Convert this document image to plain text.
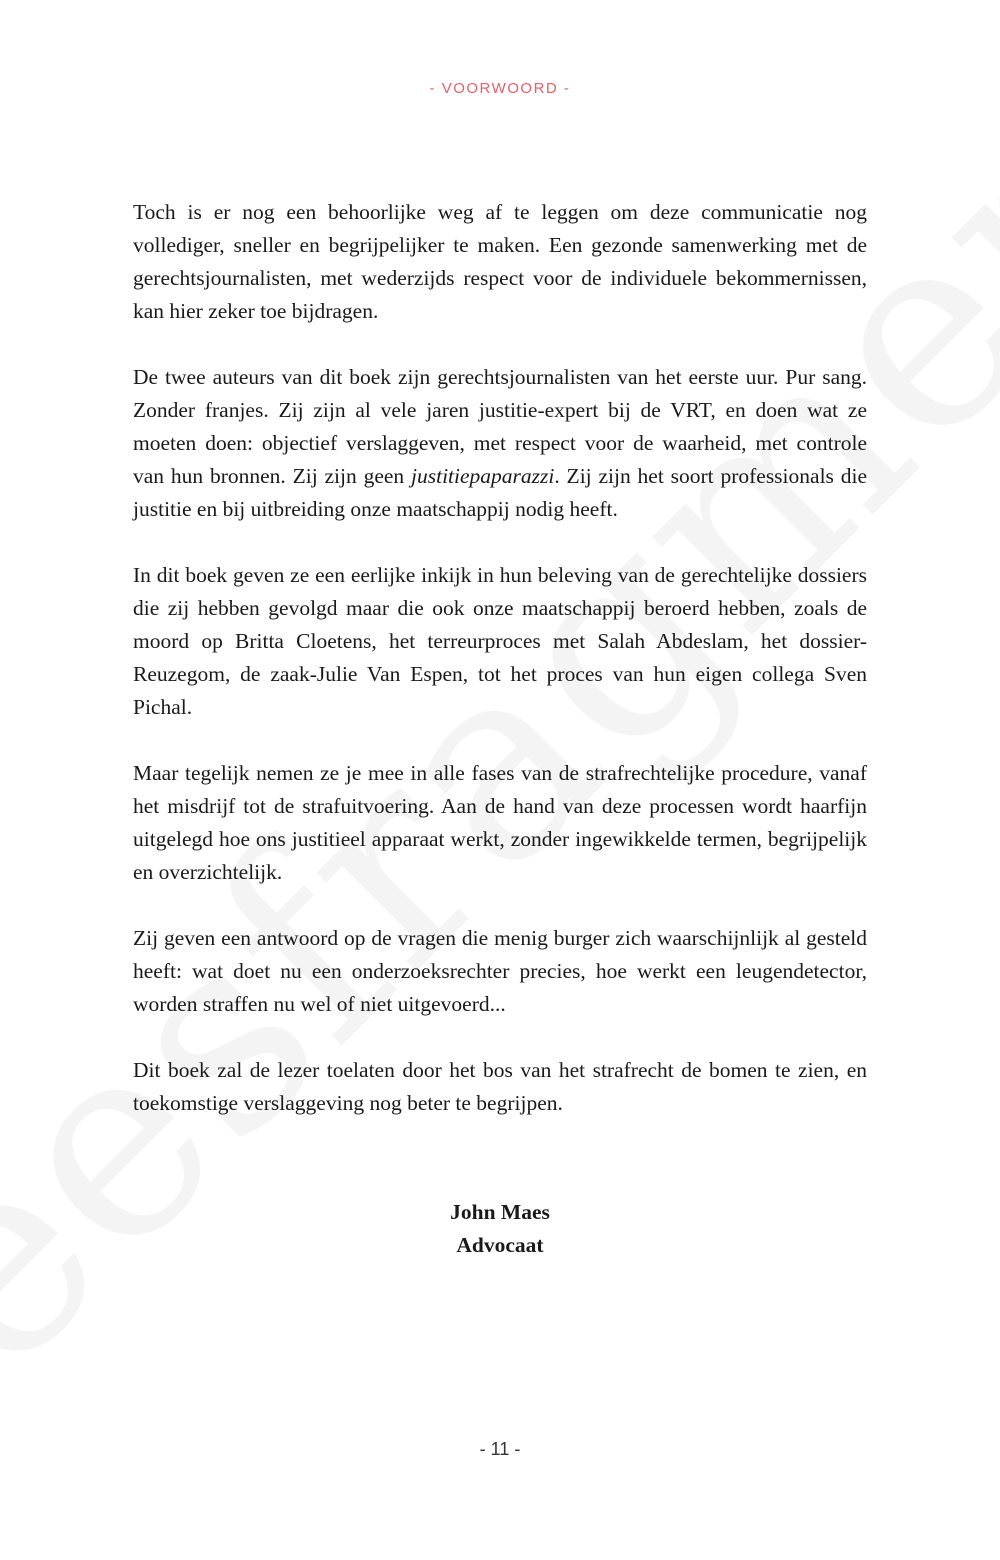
- VOORWOORD -

Toch is er nog een behoorlijke weg af te leggen om deze communicatie nog vollediger, sneller en begrijpelijker te maken. Een gezonde samenwerking met de gerechtsjournalisten, met wederzijds respect voor de individuele bekommernissen, kan hier zeker toe bijdragen.

De twee auteurs van dit boek zijn gerechtsjournalisten van het eerste uur. Pur sang. Zonder franjes. Zij zijn al vele jaren justitie-expert bij de VRT, en doen wat ze moeten doen: objectief verslaggeven, met respect voor de waarheid, met controle van hun bronnen. Zij zijn geen justitiepaparazzi. Zij zijn het soort professionals die justitie en bij uitbreiding onze maatschappij nodig heeft.

In dit boek geven ze een eerlijke inkijk in hun beleving van de gerechtelijke dossiers die zij hebben gevolgd maar die ook onze maatschappij beroerd hebben, zoals de moord op Britta Cloetens, het terreurproces met Salah Abdeslam, het dossier-Reuzegom, de zaak-Julie Van Espen, tot het proces van hun eigen collega Sven Pichal.

Maar tegelijk nemen ze je mee in alle fases van de strafrechtelijke procedure, vanaf het misdrijf tot de strafuitvoering. Aan de hand van deze processen wordt haarfijn uitgelegd hoe ons justitieel apparaat werkt, zonder ingewikkelde termen, begrijpelijk en overzichtelijk.

Zij geven een antwoord op de vragen die menig burger zich waarschijnlijk al gesteld heeft: wat doet nu een onderzoeksrechter precies, hoe werkt een leugendetector, worden straffen nu wel of niet uitgevoerd...

Dit boek zal de lezer toelaten door het bos van het strafrecht de bomen te zien, en toekomstige verslaggeving nog beter te begrijpen.

John Maes
Advocaat
- 11 -
